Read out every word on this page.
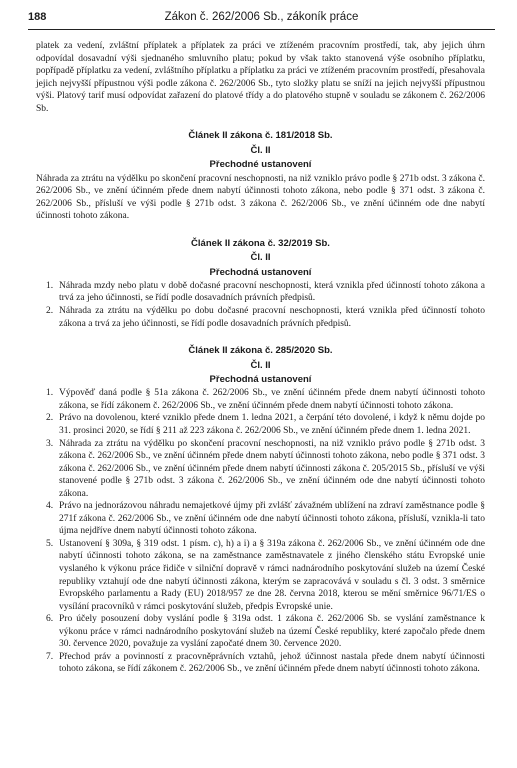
188	Zákon č. 262/2006 Sb., zákoník práce

platek za vedení, zvláštní příplatek a příplatek za práci ve ztíženém pracovním prostředí, tak, aby jejich úhrn odpovídal dosavadní výši sjednaného smluvního platu; pokud by však takto stanovená výše osobního příplatku, popřípadě příplatku za vedení, zvláštního příplatku a příplatku za práci ve ztíženém pracovním prostředí, přesahovala jejich nejvyšší přípustnou výši podle zákona č. 262/2006 Sb., tyto složky platu se sníží na jejich nejvyšší přípustnou výši. Platový tarif musí odpovídat zařazení do platové třídy a do platového stupně v souladu se zákonem č. 262/2006 Sb.

Článek II zákona č. 181/2018 Sb.
Čl. II
Přechodné ustanovení

Náhrada za ztrátu na výdělku po skončení pracovní neschopnosti, na niž vzniklo právo podle § 271b odst. 3 zákona č. 262/2006 Sb., ve znění účinném přede dnem nabytí účinnosti tohoto zákona, nebo podle § 371 odst. 3 zákona č. 262/2006 Sb., přísluší ve výši podle § 271b odst. 3 zákona č. 262/2006 Sb., ve znění účinném ode dne nabytí účinnosti tohoto zákona.

Článek II zákona č. 32/2019 Sb.
Čl. II
Přechodná ustanovení
1. Náhrada mzdy nebo platu v době dočasné pracovní neschopnosti, která vznikla před účinností tohoto zákona a trvá za jeho účinnosti, se řídí podle dosavadních právních předpisů.
2. Náhrada za ztrátu na výdělku po dobu dočasné pracovní neschopnosti, která vznikla před účinností tohoto zákona a trvá za jeho účinnosti, se řídí podle dosavadních právních předpisů.
Článek II zákona č. 285/2020 Sb.
Čl. II
Přechodná ustanovení
1. Výpověď daná podle § 51a zákona č. 262/2006 Sb., ve znění účinném přede dnem nabytí účinnosti tohoto zákona, se řídí zákonem č. 262/2006 Sb., ve znění účinném přede dnem nabytí účinnosti tohoto zákona.
2. Právo na dovolenou, které vzniklo přede dnem 1. ledna 2021, a čerpání této dovolené, i když k němu dojde po 31. prosinci 2020, se řídí § 211 až 223 zákona č. 262/2006 Sb., ve znění účinném přede dnem 1. ledna 2021.
3. Náhrada za ztrátu na výdělku po skončení pracovní neschopnosti, na niž vzniklo právo podle § 271b odst. 3 zákona č. 262/2006 Sb., ve znění účinném přede dnem nabytí účinnosti tohoto zákona, nebo podle § 371 odst. 3 zákona č. 262/2006 Sb., ve znění účinném přede dnem nabytí účinnosti zákona č. 205/2015 Sb., přísluší ve výši stanovené podle § 271b odst. 3 zákona č. 262/2006 Sb., ve znění účinném ode dne nabytí účinnosti tohoto zákona.
4. Právo na jednorázovou náhradu nemajetkové újmy při zvlášť závažném ublížení na zdraví zaměstnance podle § 271f zákona č. 262/2006 Sb., ve znění účinném ode dne nabytí účinnosti tohoto zákona, přísluší, vznikla-li tato újma nejdříve dnem nabytí účinnosti tohoto zákona.
5. Ustanovení § 309a, § 319 odst. 1 písm. c), h) a i) a § 319a zákona č. 262/2006 Sb., ve znění účinném ode dne nabytí účinnosti tohoto zákona, se na zaměstnance zaměstnavatele z jiného členského státu Evropské unie vyslaného k výkonu práce řidiče v silniční dopravě v rámci nadnárodního poskytování služeb na území České republiky vztahují ode dne nabytí účinnosti zákona, kterým se zapracovává v souladu s čl. 3 odst. 3 směrnice Evropského parlamentu a Rady (EU) 2018/957 ze dne 28. června 2018, kterou se mění směrnice 96/71/ES o vysílání pracovníků v rámci poskytování služeb, předpis Evropské unie.
6. Pro účely posouzení doby vyslání podle § 319a odst. 1 zákona č. 262/2006 Sb. se vyslání zaměstnance k výkonu práce v rámci nadnárodního poskytování služeb na území České republiky, které započalo přede dnem 30. července 2020, považuje za vyslání započaté dnem 30. července 2020.
7. Přechod práv a povinností z pracovněprávních vztahů, jehož účinnost nastala přede dnem nabytí účinnosti tohoto zákona, se řídí zákonem č. 262/2006 Sb., ve znění účinném přede dnem nabytí účinnosti tohoto zákona.
